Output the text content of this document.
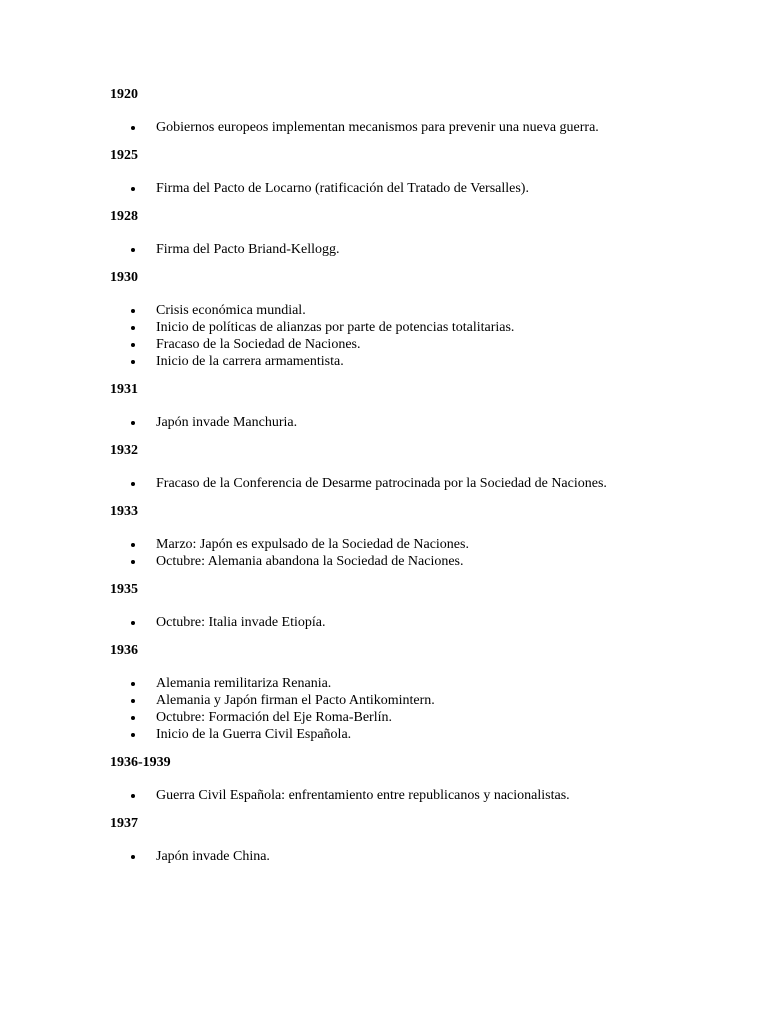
1920
Gobiernos europeos implementan mecanismos para prevenir una nueva guerra.
1925
Firma del Pacto de Locarno (ratificación del Tratado de Versalles).
1928
Firma del Pacto Briand-Kellogg.
1930
Crisis económica mundial.
Inicio de políticas de alianzas por parte de potencias totalitarias.
Fracaso de la Sociedad de Naciones.
Inicio de la carrera armamentista.
1931
Japón invade Manchuria.
1932
Fracaso de la Conferencia de Desarme patrocinada por la Sociedad de Naciones.
1933
Marzo: Japón es expulsado de la Sociedad de Naciones.
Octubre: Alemania abandona la Sociedad de Naciones.
1935
Octubre: Italia invade Etiopía.
1936
Alemania remilitariza Renania.
Alemania y Japón firman el Pacto Antikomintern.
Octubre: Formación del Eje Roma-Berlín.
Inicio de la Guerra Civil Española.
1936-1939
Guerra Civil Española: enfrentamiento entre republicanos y nacionalistas.
1937
Japón invade China.
